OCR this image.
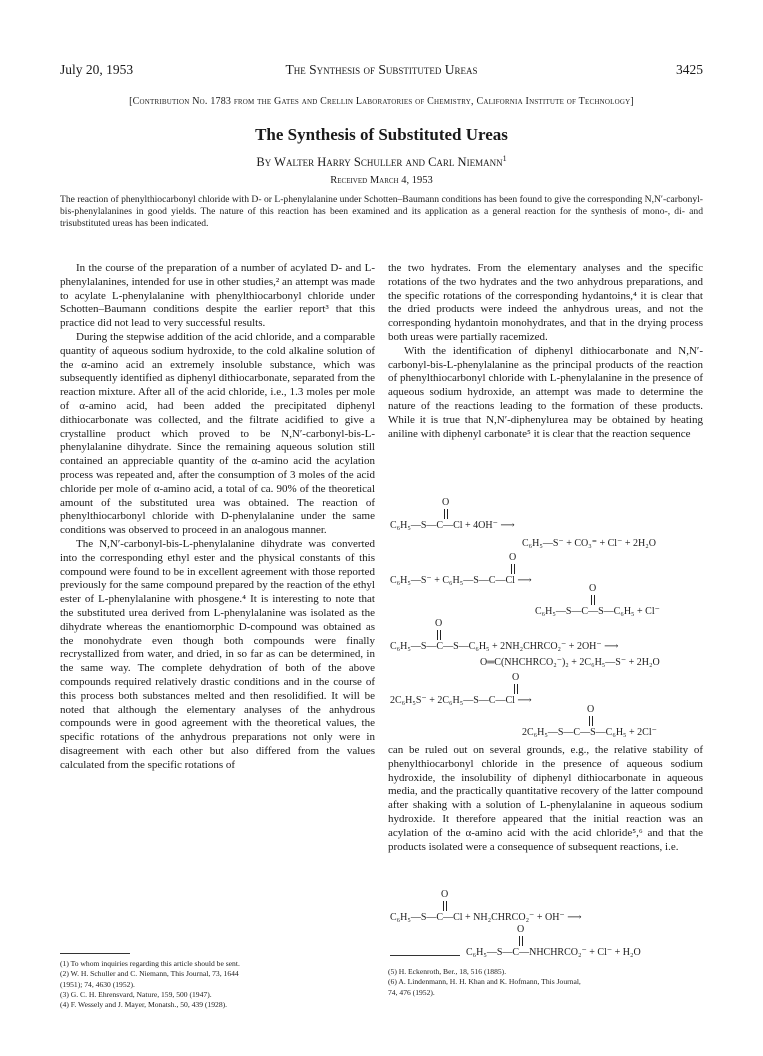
July 20, 1953	The Synthesis of Substituted Ureas	3425
[Contribution No. 1783 from the Gates and Crellin Laboratories of Chemistry, California Institute of Technology]
The Synthesis of Substituted Ureas
By Walter Harry Schuller and Carl Niemann$^1$
Received March 4, 1953
The reaction of phenylthiocarbonyl chloride with D- or L-phenylalanine under Schotten–Baumann conditions has been found to give the corresponding N,N′-carbonyl-bis-phenylalanines in good yields. The nature of this reaction has been examined and its application as a general reaction for the synthesis of mono-, di- and trisubstituted ureas has been indicated.

In the course of the preparation of a number of acylated D- and L-phenylalanines, intended for use in other studies,² an attempt was made to acylate L-phenylalanine with phenylthiocarbonyl chloride under Schotten–Baumann conditions despite the earlier report³ that this practice did not lead to very successful results.

During the stepwise addition of the acid chloride, and a comparable quantity of aqueous sodium hydroxide, to the cold alkaline solution of the α-amino acid an extremely insoluble substance, which was subsequently identified as diphenyl dithiocarbonate, separated from the reaction mixture. After all of the acid chloride, i.e., 1.3 moles per mole of α-amino acid, had been added the precipitated diphenyl dithiocarbonate was collected, and the filtrate acidified to give a crystalline product which proved to be N,N′-carbonyl-bis-L-phenylalanine dihydrate. Since the remaining aqueous solution still contained an appreciable quantity of the α-amino acid the acylation process was repeated and, after the consumption of 3 moles of the acid chloride per mole of α-amino acid, a total of ca. 90% of the theoretical amount of the substituted urea was obtained. The reaction of phenylthiocarbonyl chloride with D-phenylalanine under the same conditions was observed to proceed in an analogous manner.

The N,N′-carbonyl-bis-L-phenylalanine dihydrate was converted into the corresponding ethyl ester and the physical constants of this compound were found to be in excellent agreement with those reported previously for the same compound prepared by the reaction of the ethyl ester of L-phenylalanine with phosgene.⁴ It is interesting to note that the substituted urea derived from L-phenylalanine was isolated as the dihydrate whereas the enantiomorphic D-compound was obtained as the monohydrate even though both compounds were finally recrystallized from water, and dried, in so far as can be determined, in the same way. The complete dehydration of both of the above compounds required relatively drastic conditions and in the course of this process both substances melted and then resolidified. It will be noted that although the elementary analyses of the anhydrous compounds were in good agreement with the theoretical values, the specific rotations of the anhydrous preparations not only were in disagreement with each other but also differed from the values calculated from the specific rotations of

the two hydrates. From the elementary analyses and the specific rotations of the two hydrates and the two anhydrous preparations, and the specific rotations of the corresponding hydantoins,⁴ it is clear that the dried products were indeed the anhydrous ureas, and not the corresponding hydantoin monohydrates, and that in the drying process both ureas were partially racemized.

With the identification of diphenyl dithiocarbonate and N,N′-carbonyl-bis-L-phenylalanine as the principal products of the reaction of phenylthiocarbonyl chloride with L-phenylalanine in the presence of aqueous sodium hydroxide, an attempt was made to determine the nature of the reactions leading to the formation of these products. While it is true that N,N′-diphenylurea may be obtained by heating aniline with diphenyl carbonate⁵ it is clear that the reaction sequence

O
C₆H₅—S—C—Cl + 4OH⁻ ⟶
C₆H₅—S⁻ + CO₃⁼ + Cl⁻ + 2H₂O
O
C₆H₅—S⁻ + C₆H₅—S—C—Cl ⟶
O
C₆H₅—S—C—S—C₆H₅ + Cl⁻
O
C₆H₅—S—C—S—C₆H₅ + 2NH₂CHRCO₂⁻ + 2OH⁻ ⟶
O═C(NHCHRCO₂⁻)₂ + 2C₆H₅—S⁻ + 2H₂O
O
2C₆H₅S⁻ + 2C₆H₅—S—C—Cl ⟶
O
2C₆H₅—S—C—S—C₆H₅ + 2Cl⁻

can be ruled out on several grounds, e.g., the relative stability of phenylthiocarbonyl chloride in the presence of aqueous sodium hydroxide, the insolubility of diphenyl dithiocarbonate in aqueous media, and the practically quantitative recovery of the latter compound after shaking with a solution of L-phenylalanine in aqueous sodium hydroxide. It therefore appeared that the initial reaction was an acylation of the α-amino acid with the acid chloride⁵,⁶ and that the products isolated were a consequence of subsequent reactions, i.e.

O
C₆H₅—S—C—Cl + NH₂CHRCO₂⁻ + OH⁻ ⟶
O
C₆H₅—S—C—NHCHRCO₂⁻ + Cl⁻ + H₂O
(1) To whom inquiries regarding this article should be sent.
(2) W. H. Schuller and C. Niemann, This Journal, 73, 1644
(1951); 74, 4630 (1952).
(3) G. C. H. Ehrensvard, Nature, 159, 500 (1947).
(4) F. Wessely and J. Mayer, Monatsh., 50, 439 (1928).
(5) H. Eckenroth, Ber., 18, 516 (1885).
(6) A. Lindenmann, H. H. Khan and K. Hofmann, This Journal,
74, 476 (1952).
